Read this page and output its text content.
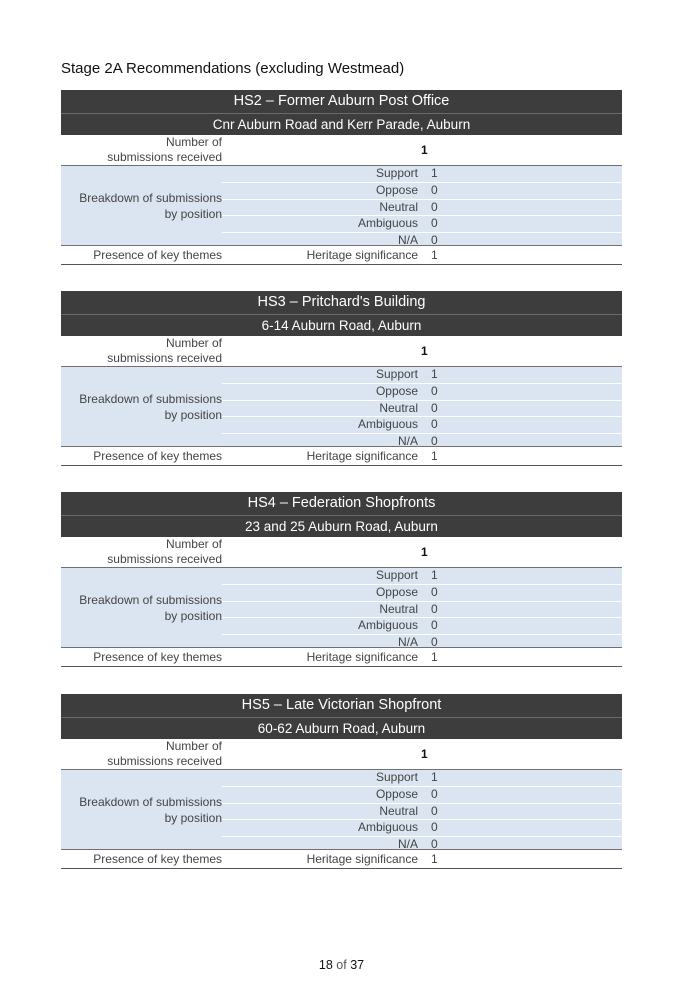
Stage 2A Recommendations (excluding Westmead)
HS2 – Former Auburn Post Office
Cnr Auburn Road and Kerr Parade, Auburn
Number of
submissions received	1
Breakdown of submissions
by position
Support	1
Oppose	0
Neutral	0
Ambiguous	0
N/A	0
Presence of key themes	Heritage significance	1
HS3 – Pritchard's Building
6-14 Auburn Road, Auburn
Number of
submissions received	1
Breakdown of submissions
by position
Support	1
Oppose	0
Neutral	0
Ambiguous	0
N/A	0
Presence of key themes	Heritage significance	1
HS4 – Federation Shopfronts
23 and 25 Auburn Road, Auburn
Number of
submissions received	1
Breakdown of submissions
by position
Support	1
Oppose	0
Neutral	0
Ambiguous	0
N/A	0
Presence of key themes	Heritage significance	1
HS5 – Late Victorian Shopfront
60-62 Auburn Road, Auburn
Number of
submissions received	1
Breakdown of submissions
by position
Support	1
Oppose	0
Neutral	0
Ambiguous	0
N/A	0
Presence of key themes	Heritage significance	1
18 of 37
